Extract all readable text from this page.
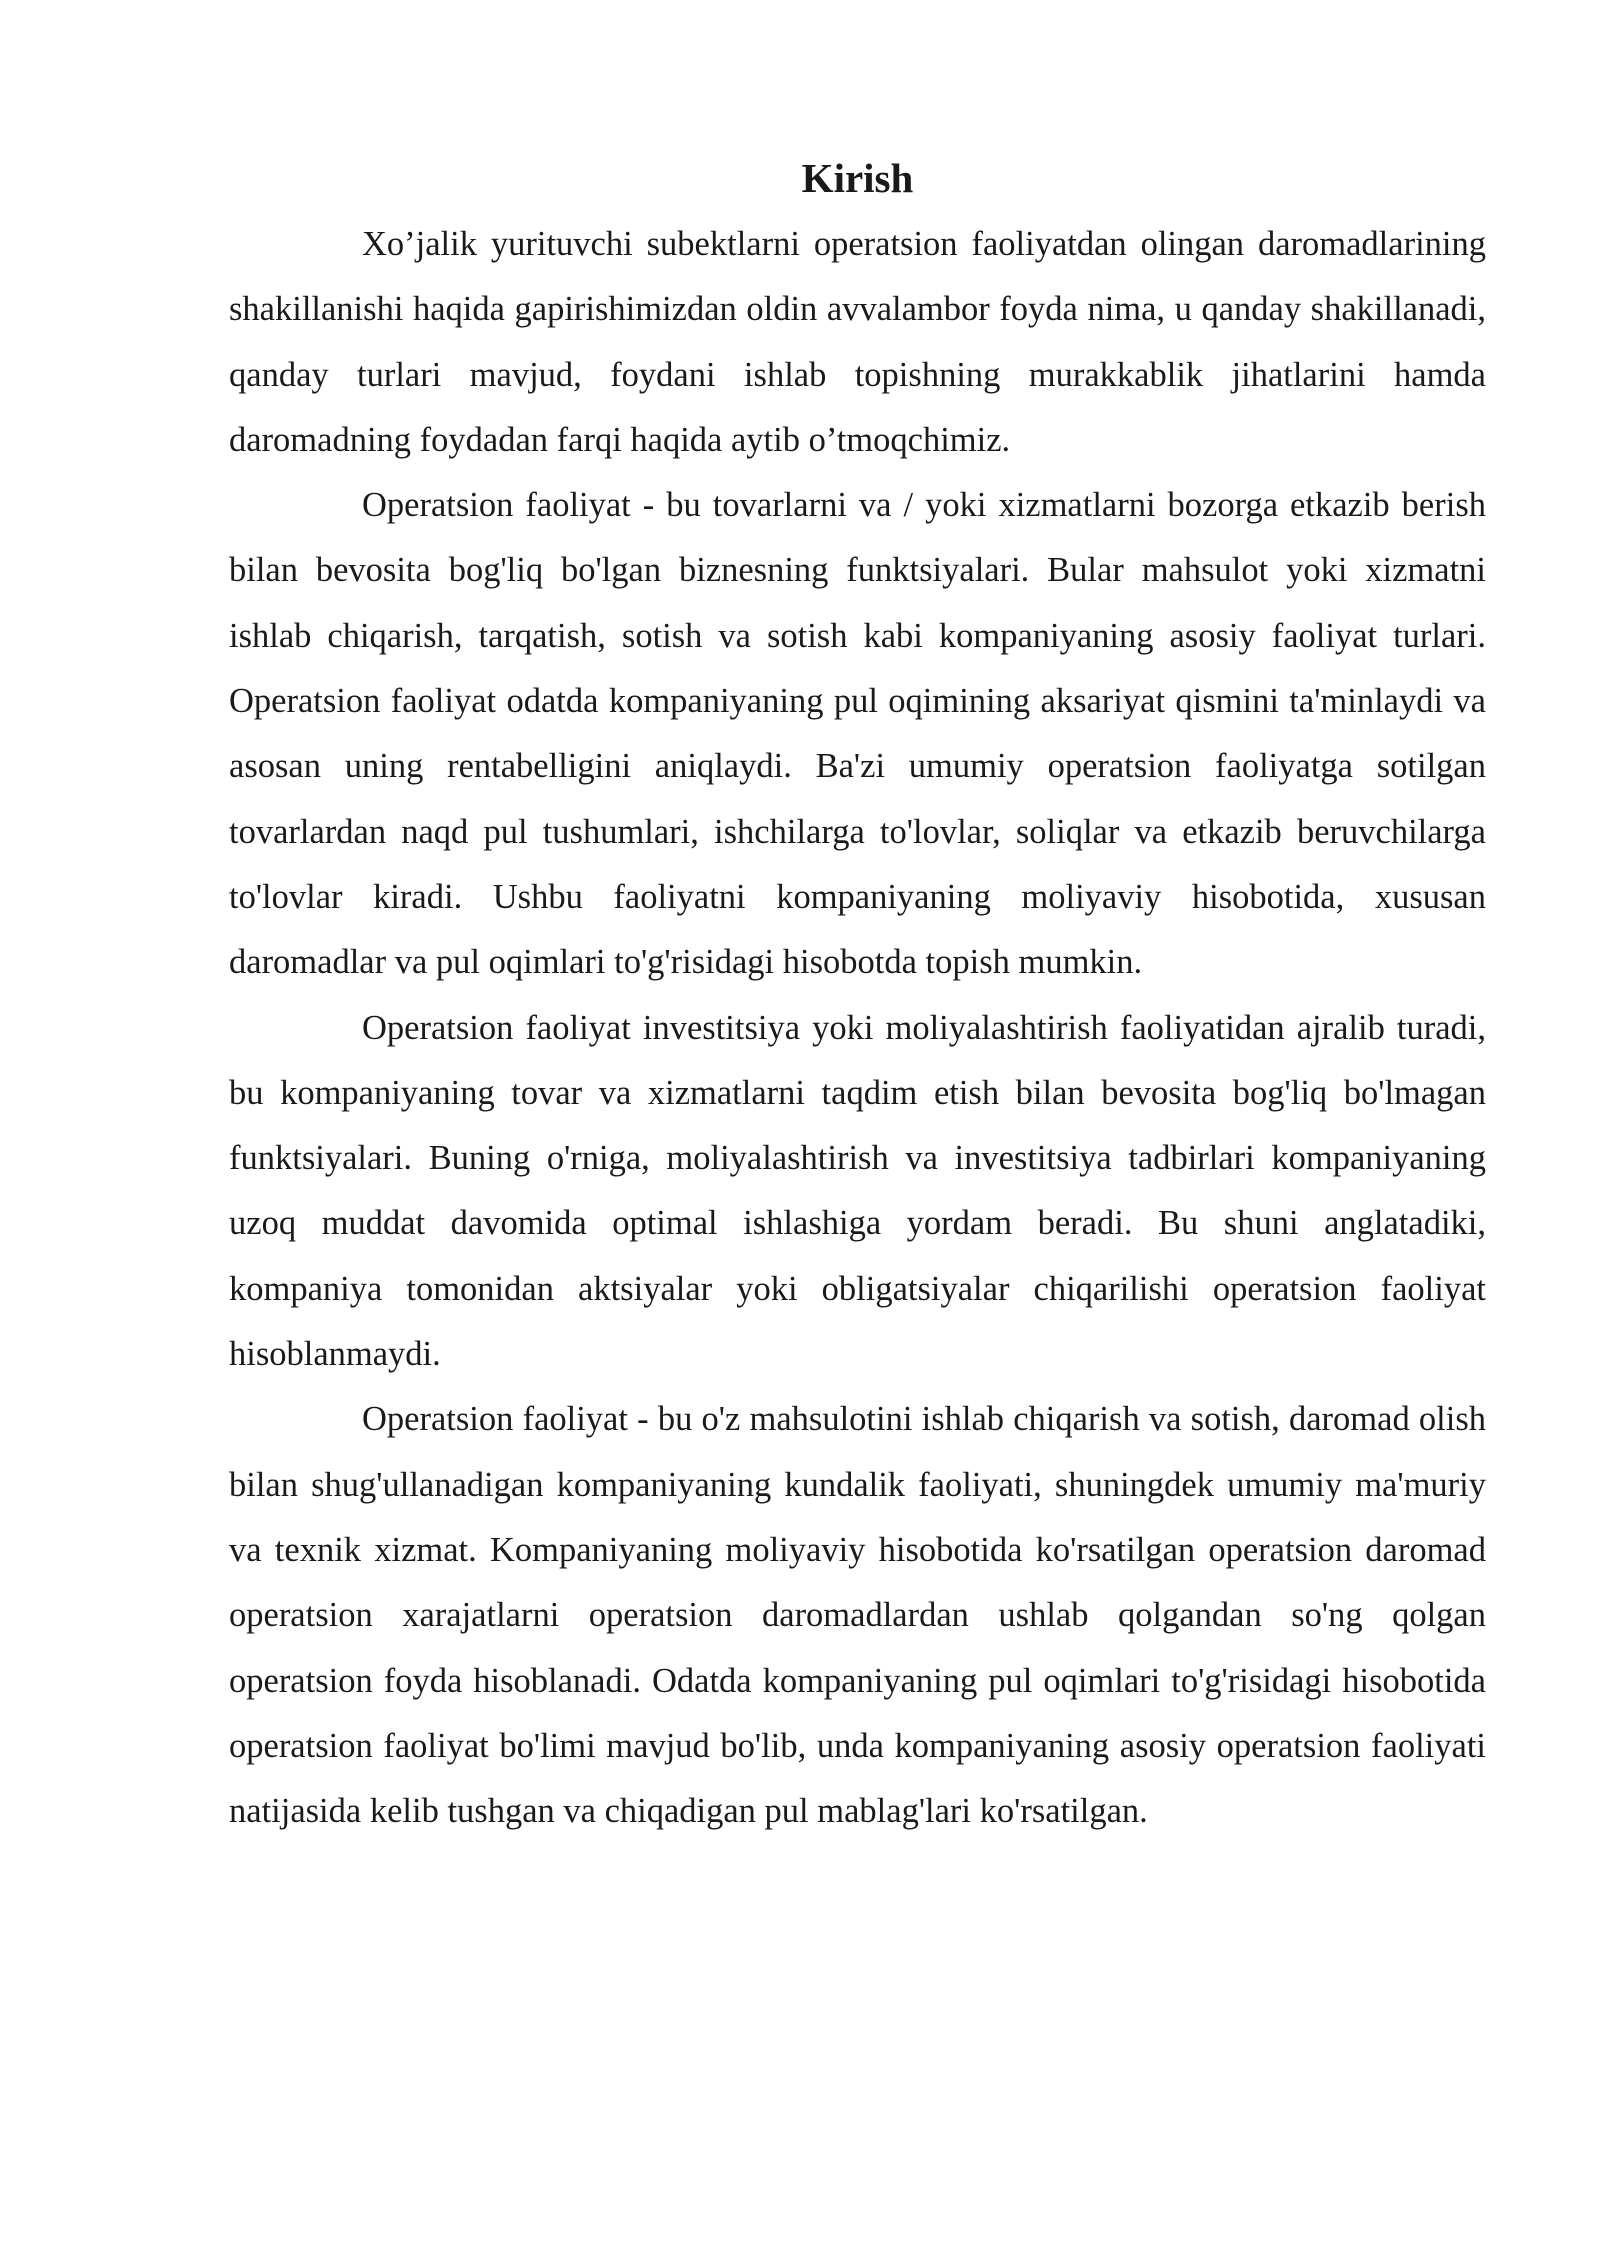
Kirish

Xo’jalik yurituvchi subektlarni operatsion faoliyatdan olingan daromadlarining shakillanishi haqida gapirishimizdan oldin avvalambor foyda nima, u qanday shakillanadi, qanday turlari mavjud, foydani ishlab topishning murakkablik jihatlarini hamda daromadning foydadan farqi haqida aytib o’tmoqchimiz.

Operatsion faoliyat - bu tovarlarni va / yoki xizmatlarni bozorga etkazib berish bilan bevosita bog'liq bo'lgan biznesning funktsiyalari. Bular mahsulot yoki xizmatni ishlab chiqarish, tarqatish, sotish va sotish kabi kompaniyaning asosiy faoliyat turlari. Operatsion faoliyat odatda kompaniyaning pul oqimining aksariyat qismini ta'minlaydi va asosan uning rentabelligini aniqlaydi. Ba'zi umumiy operatsion faoliyatga sotilgan tovarlardan naqd pul tushumlari, ishchilarga to'lovlar, soliqlar va etkazib beruvchilarga to'lovlar kiradi. Ushbu faoliyatni kompaniyaning moliyaviy hisobotida, xususan daromadlar va pul oqimlari to'g'risidagi hisobotda topish mumkin.

Operatsion faoliyat investitsiya yoki moliyalashtirish faoliyatidan ajralib turadi, bu kompaniyaning tovar va xizmatlarni taqdim etish bilan bevosita bog'liq bo'lmagan funktsiyalari. Buning o'rniga, moliyalashtirish va investitsiya tadbirlari kompaniyaning uzoq muddat davomida optimal ishlashiga yordam beradi. Bu shuni anglatadiki, kompaniya tomonidan aktsiyalar yoki obligatsiyalar chiqarilishi operatsion faoliyat hisoblanmaydi.

Operatsion faoliyat - bu o'z mahsulotini ishlab chiqarish va sotish, daromad olish bilan shug'ullanadigan kompaniyaning kundalik faoliyati, shuningdek umumiy ma'muriy va texnik xizmat. Kompaniyaning moliyaviy hisobotida ko'rsatilgan operatsion daromad operatsion xarajatlarni operatsion daromadlardan ushlab qolgandan so'ng qolgan operatsion foyda hisoblanadi. Odatda kompaniyaning pul oqimlari to'g'risidagi hisobotida operatsion faoliyat bo'limi mavjud bo'lib, unda kompaniyaning asosiy operatsion faoliyati natijasida kelib tushgan va chiqadigan pul mablag'lari ko'rsatilgan.
